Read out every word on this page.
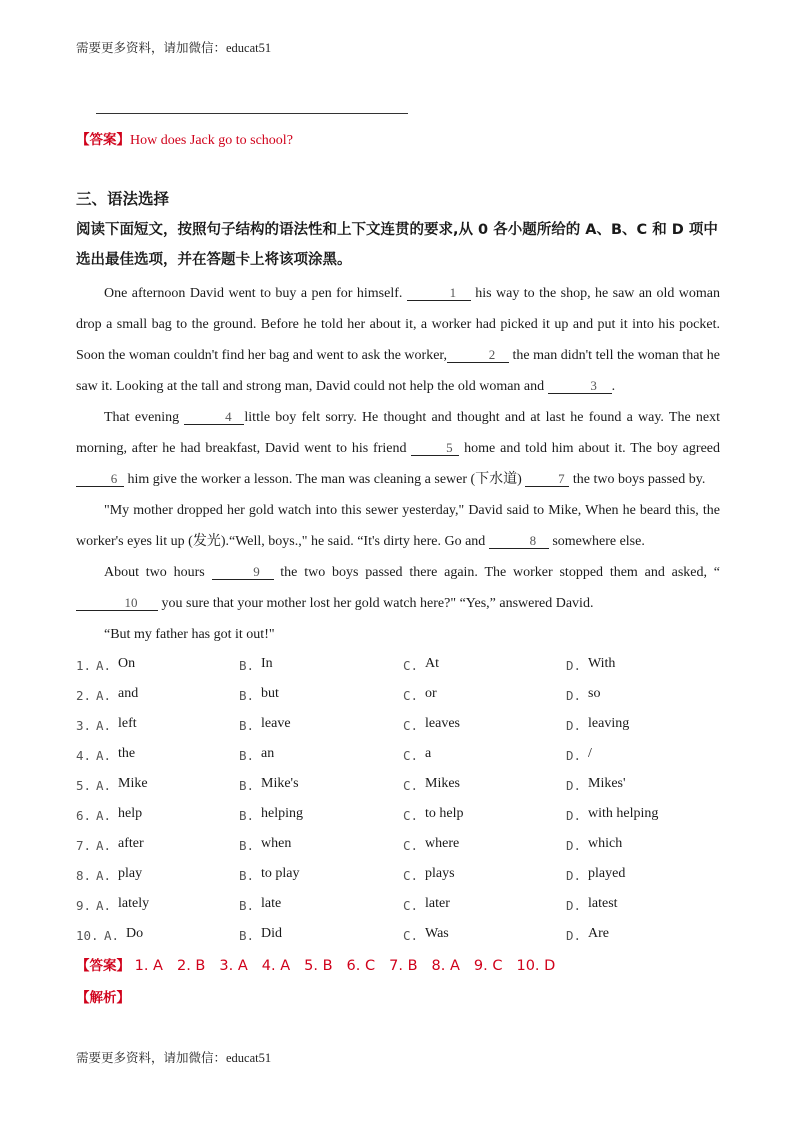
需要更多资料，请加微信：educat51
【答案】How does Jack go to school?
三、语法选择
阅读下面短文，按照句子结构的语法性和上下文连贯的要求,从 0 各小题所给的 A、B、C 和 D 项中选出最佳选项，并在答题卡上将该项涂黑。

One afternoon David went to buy a pen for himself.	1 his way to the shop, he saw an old woman drop a small bag to the ground. Before he told her about it, a worker had picked it up and put it into his pocket. Soon the woman couldn't find her bag and went to ask the worker,	2 the man didn't tell the woman that he saw it. Looking at the tall and strong man, David could not help the old woman and	3 .

That evening	4 little boy felt sorry. He thought and thought and at last he found a way. The next morning, after he had breakfast, David went to his friend	5 home and told him about it. The boy agreed 6 him give the worker a lesson. The man was cleaning a sewer (下水道)	7 the two boys passed by.

"My mother dropped her gold watch into this sewer yesterday," David said to Mike, When he beard this, the worker's eyes lit up (发光).“Well, boys.," he said. “It's dirty here. Go and	8 somewhere else.

About two hours	9 the two boys passed there again. The worker stopped them and asked, “10 you sure that your mother lost her gold watch here?" “Yes,” answered David.

“But my father has got it out!"

1. A. On	B. In	C. At	D. With
2. A. and	B. but	C. or	D. so
3. A. left	B. leave	C. leaves	D. leaving
4. A. the	B. an	C. a	D. /
5. A. Mike	B. Mike's	C. Mikes	D. Mikes'
6. A. help	B. helping	C. to help	D. with helping
7. A. after	B. when	C. where	D. which
8. A. play	B. to play	C. plays	D. played
9. A. lately	B. late	C. later	D. latest
10. A. Do	B. Did	C. Was	D. Are
【答案】 1. A 2. B 3. A 4. A 5. B 6. C 7. B 8. A 9. C 10. D
【解析】
需要更多资料，请加微信：educat51
